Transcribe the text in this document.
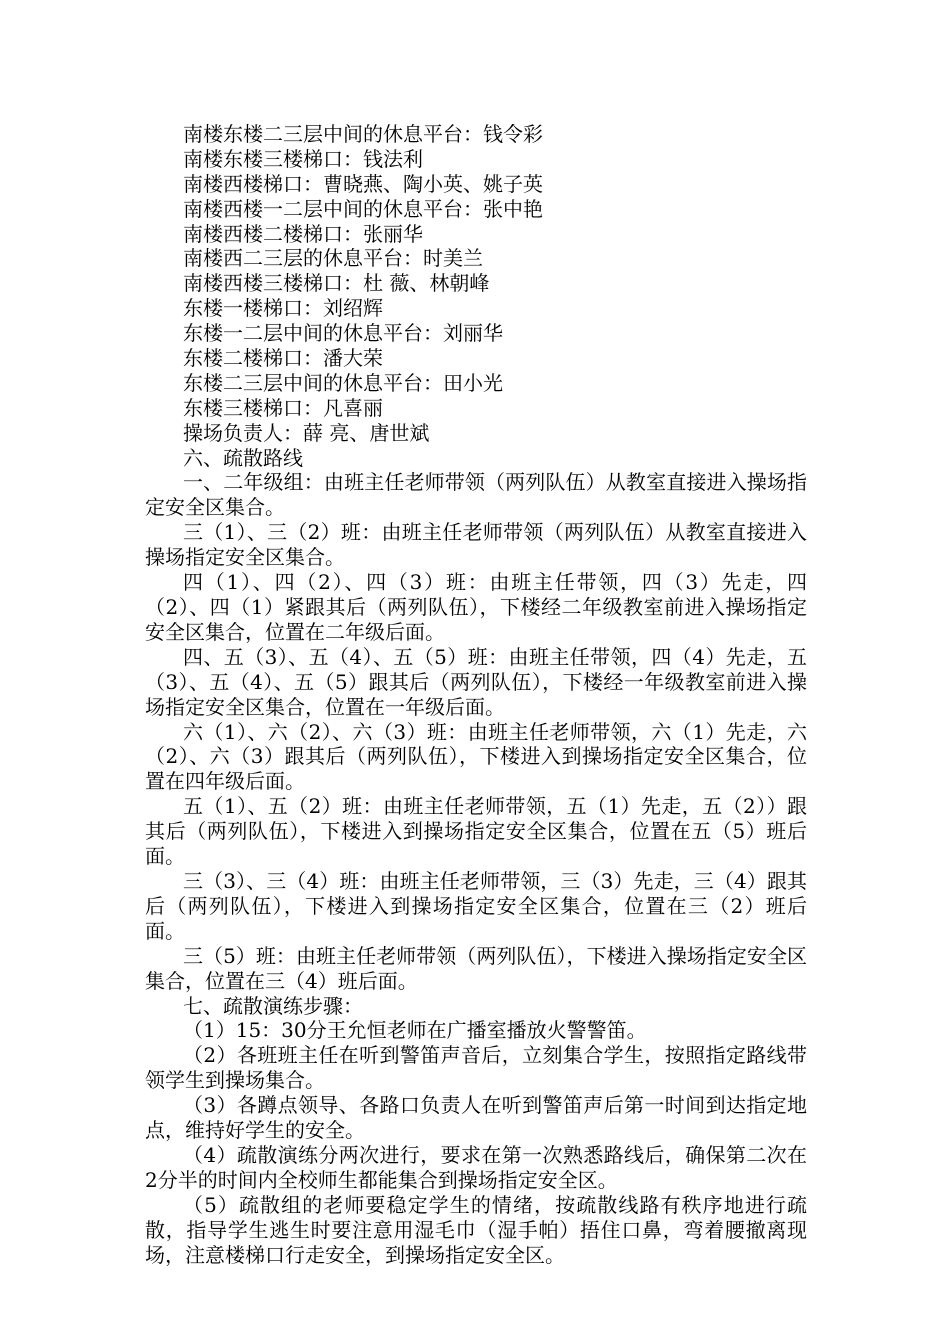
南楼东楼二三层中间的休息平台：钱令彩
南楼东楼三楼梯口：钱法利
南楼西楼梯口：曹晓燕、陶小英、姚子英
南楼西楼一二层中间的休息平台：张中艳
南楼西楼二楼梯口：张丽华
南楼西二三层的休息平台：时美兰
南楼西楼三楼梯口：杜 薇、林朝峰
东楼一楼梯口：刘绍辉
东楼一二层中间的休息平台：刘丽华
东楼二楼梯口：潘大荣
东楼二三层中间的休息平台：田小光
东楼三楼梯口：凡喜丽
操场负责人：薛 亮、唐世斌
六、疏散路线

一、二年级组：由班主任老师带领（两列队伍）从教室直接进入操场指定安全区集合。

三（1）、三（2）班：由班主任老师带领（两列队伍）从教室直接进入操场指定安全区集合。

四（1）、四（2）、四（3）班：由班主任带领，四（3）先走，四（2）、四（1）紧跟其后（两列队伍），下楼经二年级教室前进入操场指定安全区集合，位置在二年级后面。

四、五（3）、五（4）、五（5）班：由班主任带领，四（4）先走，五（3）、五（4）、五（5）跟其后（两列队伍），下楼经一年级教室前进入操场指定安全区集合，位置在一年级后面。

六（1）、六（2）、六（3）班：由班主任老师带领，六（1）先走，六（2）、六（3）跟其后（两列队伍），下楼进入到操场指定安全区集合，位置在四年级后面。

五（1）、五（2）班：由班主任老师带领，五（1）先走，五（2））跟其后（两列队伍），下楼进入到操场指定安全区集合，位置在五（5）班后面。

三（3）、三（4）班：由班主任老师带领，三（3）先走，三（4）跟其后（两列队伍），下楼进入到操场指定安全区集合，位置在三（2）班后面。

三（5）班：由班主任老师带领（两列队伍），下楼进入操场指定安全区集合，位置在三（4）班后面。

七、疏散演练步骤：

（1）15：30分王允恒老师在广播室播放火警警笛。

（2）各班班主任在听到警笛声音后，立刻集合学生，按照指定路线带领学生到操场集合。

（3）各蹲点领导、各路口负责人在听到警笛声后第一时间到达指定地点，维持好学生的安全。

（4）疏散演练分两次进行，要求在第一次熟悉路线后，确保第二次在2分半的时间内全校师生都能集合到操场指定安全区。

（5）疏散组的老师要稳定学生的情绪，按疏散线路有秩序地进行疏散，指导学生逃生时要注意用湿毛巾（湿手帕）捂住口鼻，弯着腰撤离现场，注意楼梯口行走安全，到操场指定安全区。
